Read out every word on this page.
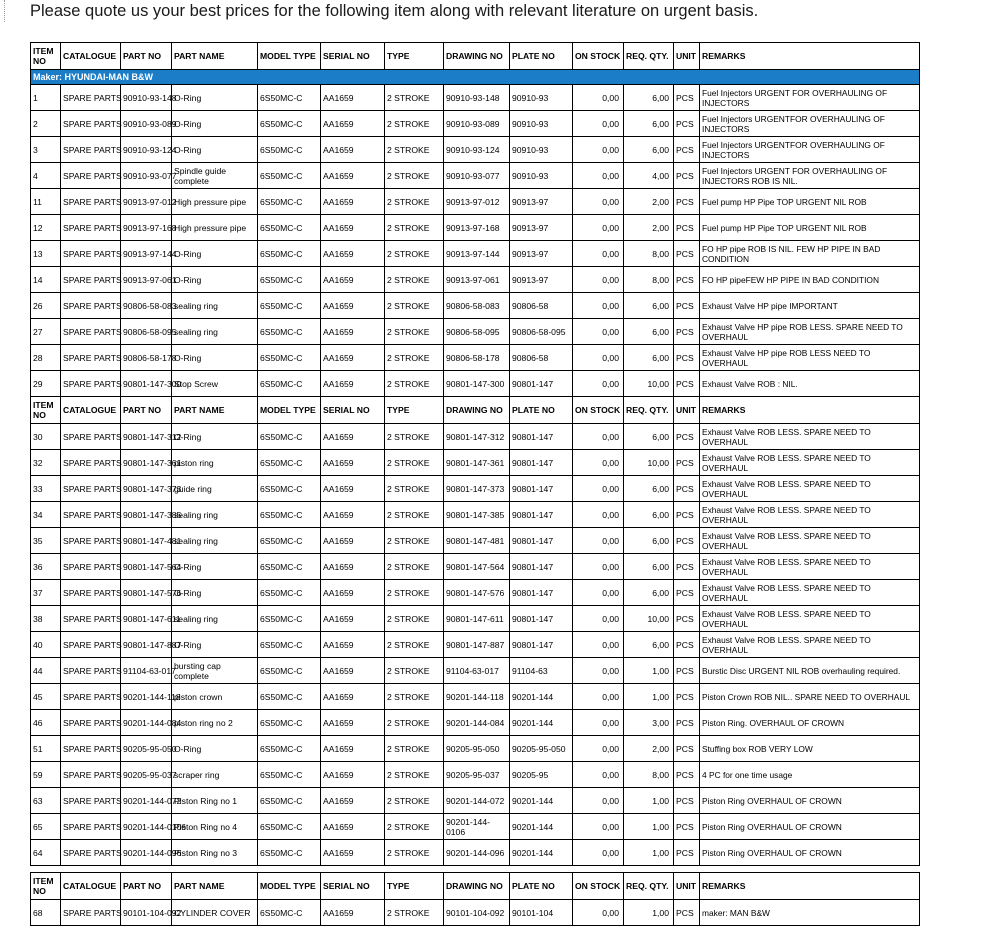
Please quote us your best prices for the following item along with relevant literature on urgent basis.

ITEM NO	CATALOGUE	PART NO	PART NAME	MODEL TYPE	SERIAL NO	TYPE	DRAWING NO	PLATE NO	ON STOCK	REQ. QTY.	UNIT	REMARKS
Maker: HYUNDAI-MAN B&W												
1	SPARE PARTS	90910-93-148	O-Ring	6S50MC-C	AA1659	2 STROKE	90910-93-148	90910-93	0,00	6,00	PCS	Fuel Injectors URGENT FOR OVERHAULING OF INJECTORS
2	SPARE PARTS	90910-93-089	O-Ring	6S50MC-C	AA1659	2 STROKE	90910-93-089	90910-93	0,00	6,00	PCS	Fuel Injectors URGENTFOR OVERHAULING OF INJECTORS
3	SPARE PARTS	90910-93-124	O-Ring	6S50MC-C	AA1659	2 STROKE	90910-93-124	90910-93	0,00	6,00	PCS	Fuel Injectors URGENTFOR OVERHAULING OF INJECTORS
4	SPARE PARTS	90910-93-077	Spindle guide complete	6S50MC-C	AA1659	2 STROKE	90910-93-077	90910-93	0,00	4,00	PCS	Fuel Injectors URGENT FOR OVERHAULING OF INJECTORS ROB IS NIL.
11	SPARE PARTS	90913-97-012	High pressure pipe	6S50MC-C	AA1659	2 STROKE	90913-97-012	90913-97	0,00	2,00	PCS	Fuel pump HP Pipe TOP URGENT NIL ROB
12	SPARE PARTS	90913-97-168	High pressure pipe	6S50MC-C	AA1659	2 STROKE	90913-97-168	90913-97	0,00	2,00	PCS	Fuel pump HP Pipe TOP URGENT NIL ROB
13	SPARE PARTS	90913-97-144	O-Ring	6S50MC-C	AA1659	2 STROKE	90913-97-144	90913-97	0,00	8,00	PCS	FO HP pipe ROB IS NIL. FEW HP PIPE IN BAD CONDITION
14	SPARE PARTS	90913-97-061	O-Ring	6S50MC-C	AA1659	2 STROKE	90913-97-061	90913-97	0,00	8,00	PCS	FO HP pipeFEW HP PIPE IN BAD CONDITION
26	SPARE PARTS	90806-58-083	sealing ring	6S50MC-C	AA1659	2 STROKE	90806-58-083	90806-58	0,00	6,00	PCS	Exhaust Valve HP pipe IMPORTANT
27	SPARE PARTS	90806-58-095	sealing ring	6S50MC-C	AA1659	2 STROKE	90806-58-095	90806-58-095	0,00	6,00	PCS	Exhaust Valve HP pipe ROB LESS. SPARE NEED TO OVERHAUL
28	SPARE PARTS	90806-58-178	O-Ring	6S50MC-C	AA1659	2 STROKE	90806-58-178	90806-58	0,00	6,00	PCS	Exhaust Valve HP pipe ROB LESS NEED TO OVERHAUL
29	SPARE PARTS	90801-147-300	Stop Screw	6S50MC-C	AA1659	2 STROKE	90801-147-300	90801-147	0,00	10,00	PCS	Exhaust Valve ROB : NIL.
ITEM NO	CATALOGUE	PART NO	PART NAME	MODEL TYPE	SERIAL NO	TYPE	DRAWING NO	PLATE NO	ON STOCK	REQ. QTY.	UNIT	REMARKS
30	SPARE PARTS	90801-147-312	O-Ring	6S50MC-C	AA1659	2 STROKE	90801-147-312	90801-147	0,00	6,00	PCS	Exhaust Valve ROB LESS. SPARE NEED TO OVERHAUL
32	SPARE PARTS	90801-147-361	piston ring	6S50MC-C	AA1659	2 STROKE	90801-147-361	90801-147	0,00	10,00	PCS	Exhaust Valve ROB LESS. SPARE NEED TO OVERHAUL
33	SPARE PARTS	90801-147-373	guide ring	6S50MC-C	AA1659	2 STROKE	90801-147-373	90801-147	0,00	6,00	PCS	Exhaust Valve ROB LESS. SPARE NEED TO OVERHAUL
34	SPARE PARTS	90801-147-385	sealing ring	6S50MC-C	AA1659	2 STROKE	90801-147-385	90801-147	0,00	6,00	PCS	Exhaust Valve ROB LESS. SPARE NEED TO OVERHAUL
35	SPARE PARTS	90801-147-481	sealing ring	6S50MC-C	AA1659	2 STROKE	90801-147-481	90801-147	0,00	6,00	PCS	Exhaust Valve ROB LESS. SPARE NEED TO OVERHAUL
36	SPARE PARTS	90801-147-564	O-Ring	6S50MC-C	AA1659	2 STROKE	90801-147-564	90801-147	0,00	6,00	PCS	Exhaust Valve ROB LESS. SPARE NEED TO OVERHAUL
37	SPARE PARTS	90801-147-576	O-Ring	6S50MC-C	AA1659	2 STROKE	90801-147-576	90801-147	0,00	6,00	PCS	Exhaust Valve ROB LESS. SPARE NEED TO OVERHAUL
38	SPARE PARTS	90801-147-611	sealing ring	6S50MC-C	AA1659	2 STROKE	90801-147-611	90801-147	0,00	10,00	PCS	Exhaust Valve ROB LESS. SPARE NEED TO OVERHAUL
40	SPARE PARTS	90801-147-887	O-Ring	6S50MC-C	AA1659	2 STROKE	90801-147-887	90801-147	0,00	6,00	PCS	Exhaust Valve ROB LESS. SPARE NEED TO OVERHAUL
44	SPARE PARTS	91104-63-017	bursting cap complete	6S50MC-C	AA1659	2 STROKE	91104-63-017	91104-63	0,00	1,00	PCS	Burstic Disc URGENT NIL ROB overhauling required.
45	SPARE PARTS	90201-144-118	piston crown	6S50MC-C	AA1659	2 STROKE	90201-144-118	90201-144	0,00	1,00	PCS	Piston Crown ROB NIL.. SPARE NEED TO OVERHAUL
46	SPARE PARTS	90201-144-084	piston ring no 2	6S50MC-C	AA1659	2 STROKE	90201-144-084	90201-144	0,00	3,00	PCS	Piston Ring. OVERHAUL OF CROWN
51	SPARE PARTS	90205-95-050	O-Ring	6S50MC-C	AA1659	2 STROKE	90205-95-050	90205-95-050	0,00	2,00	PCS	Stuffing box ROB VERY LOW
59	SPARE PARTS	90205-95-037	scraper ring	6S50MC-C	AA1659	2 STROKE	90205-95-037	90205-95	0,00	8,00	PCS	4 PC for one time usage
63	SPARE PARTS	90201-144-072	Piston Ring no 1	6S50MC-C	AA1659	2 STROKE	90201-144-072	90201-144	0,00	1,00	PCS	Piston Ring OVERHAUL OF CROWN
65	SPARE PARTS	90201-144-0106	Piston Ring no 4	6S50MC-C	AA1659	2 STROKE	90201-144-0106	90201-144	0,00	1,00	PCS	Piston Ring OVERHAUL OF CROWN
64	SPARE PARTS	90201-144-096	Piston Ring no 3	6S50MC-C	AA1659	2 STROKE	90201-144-096	90201-144	0,00	1,00	PCS	Piston Ring OVERHAUL OF CROWN

ITEM NO	CATALOGUE	PART NO	PART NAME	MODEL TYPE	SERIAL NO	TYPE	DRAWING NO	PLATE NO	ON STOCK	REQ. QTY.	UNIT	REMARKS
68	SPARE PARTS	90101-104-092	CYLINDER COVER	6S50MC-C	AA1659	2 STROKE	90101-104-092	90101-104	0,00	1,00	PCS	maker: MAN B&W
